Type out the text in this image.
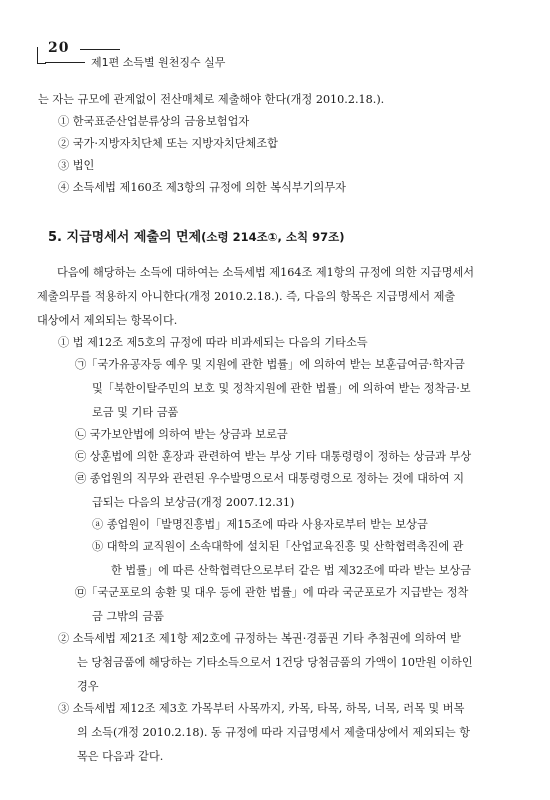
20
제1편 소득별 원천징수 실무
5. 지급명세서 제출의 면제(소령 214조①, 소칙 97조)
는 자는 규모에 관계없이 전산매체로 제출해야 한다(개정 2010.2.18.).
① 한국표준산업분류상의 금융보험업자
② 국가·지방자치단체 또는 지방자치단체조합
③ 법인
④ 소득세법 제160조 제3항의 규정에 의한 복식부기의무자
다음에 해당하는 소득에 대하여는 소득세법 제164조 제1항의 규정에 의한 지급명세서
제출의무를 적용하지 아니한다(개정 2010.2.18.). 즉, 다음의 항목은 지급명세서 제출
대상에서 제외되는 항목이다.
① 법 제12조 제5호의 규정에 따라 비과세되는 다음의 기타소득
㉠「국가유공자등 예우 및 지원에 관한 법률」에 의하여 받는 보훈급여금·학자금
및「북한이탈주민의 보호 및 정착지원에 관한 법률」에 의하여 받는 정착금·보
로금 및 기타 금품
㉡ 국가보안법에 의하여 받는 상금과 보로금
㉢ 상훈법에 의한 훈장과 관련하여 받는 부상 기타 대통령령이 정하는 상금과 부상
㉣ 종업원의 직무와 관련된 우수발명으로서 대통령령으로 정하는 것에 대하여 지
급되는 다음의 보상금(개정 2007.12.31)
ⓐ 종업원이「발명진흥법」제15조에 따라 사용자로부터 받는 보상금
ⓑ 대학의 교직원이 소속대학에 설치된「산업교육진흥 및 산학협력촉진에 관
한 법률」에 따른 산학협력단으로부터 같은 법 제32조에 따라 받는 보상금
㉤「국군포로의 송환 및 대우 등에 관한 법률」에 따라 국군포로가 지급받는 정착
금 그밖의 금품
② 소득세법 제21조 제1항 제2호에 규정하는 복권·경품권 기타 추첨권에 의하여 받
는 당첨금품에 해당하는 기타소득으로서 1건당 당첨금품의 가액이 10만원 이하인
경우
③ 소득세법 제12조 제3호 가목부터 사목까지, 카목, 타목, 하목, 너목, 러목 및 버목
의 소득(개정 2010.2.18). 동 규정에 따라 지급명세서 제출대상에서 제외되는 항
목은 다음과 같다.
